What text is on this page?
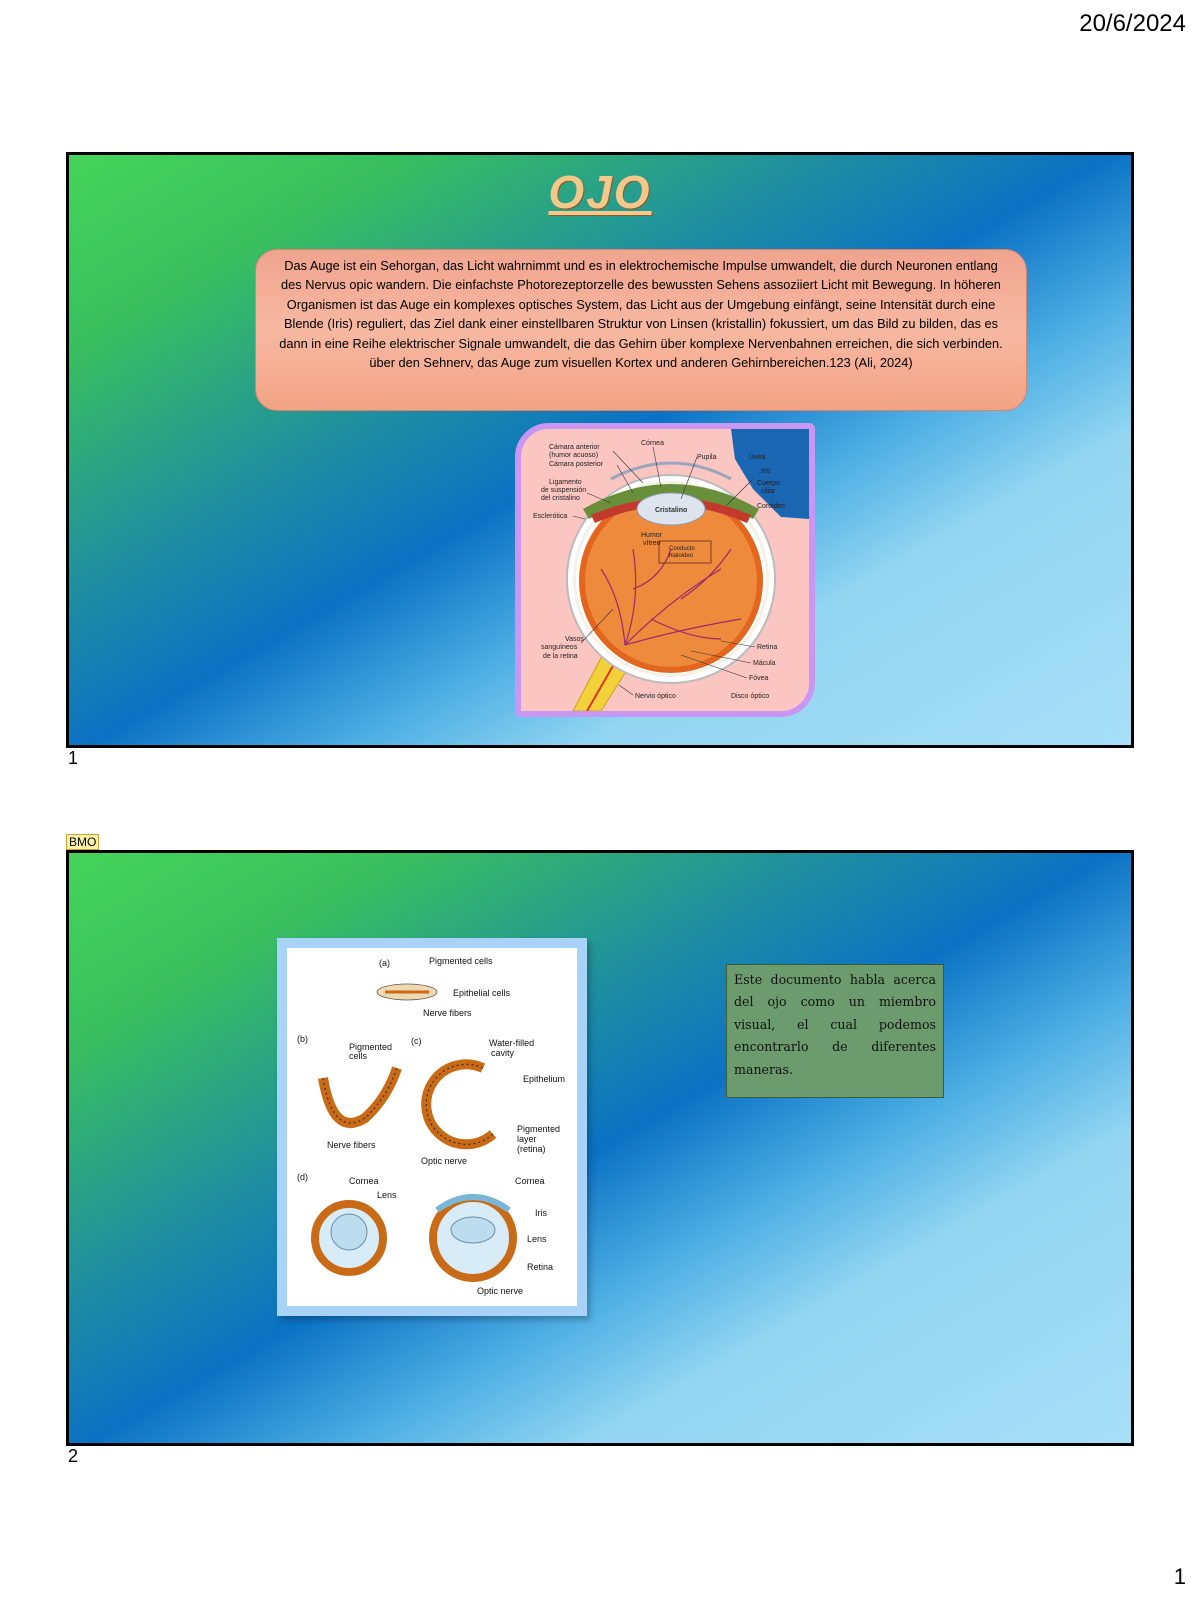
20/6/2024
OJO
Das Auge ist ein Sehorgan, das Licht wahrnimmt und es in elektrochemische Impulse umwandelt, die durch Neuronen entlang des Nervus opic wandern. Die einfachste Photorezeptorzelle des bewussten Sehens assoziiert Licht mit Bewegung. In höheren Organismen ist das Auge ein komplexes optisches System, das Licht aus der Umgebung einfängt, seine Intensität durch eine Blende (Iris) reguliert, das Ziel dank einer einstellbaren Struktur von Linsen (kristallin) fokussiert, um das Bild zu bilden, das es dann in eine Reihe elektrischer Signale umwandelt, die das Gehirn über komplexe Nervenbahnen erreichen, die sich verbinden. über den Sehnerv, das Auge zum visuellen Kortex und anderen Gehirnbereichen.123 (Ali, 2024)
Cámara anterior
(humor acuoso)
Cámara posterior
Ligamento
de suspensión
del cristalino
Esclerótica
Córnea
Pupila	Úvea
Iris
Cuerpo
ciliar
Coroides
Cristalino
Humor
vítreo
Conducto
hialoideo
Vasos
sanguíneos
de la retina
Retina
Mácula
Fóvea
Nervio óptico	Disco óptico
1
(a)	Pigmented cells
Epithelial cells
Nerve fibers
(b)
Pigmented
cells
Nerve fibers
(c)	Water-filled
cavity
Epithelium
Pigmented
layer
(retina)
Optic nerve
(d)	Cornea
Lens
Cornea
Iris
Lens
Retina
Optic nerve
Este documento habla acerca del ojo como un miembro visual, el cual podemos encontrarlo de diferentes maneras.
BMO
2
1
